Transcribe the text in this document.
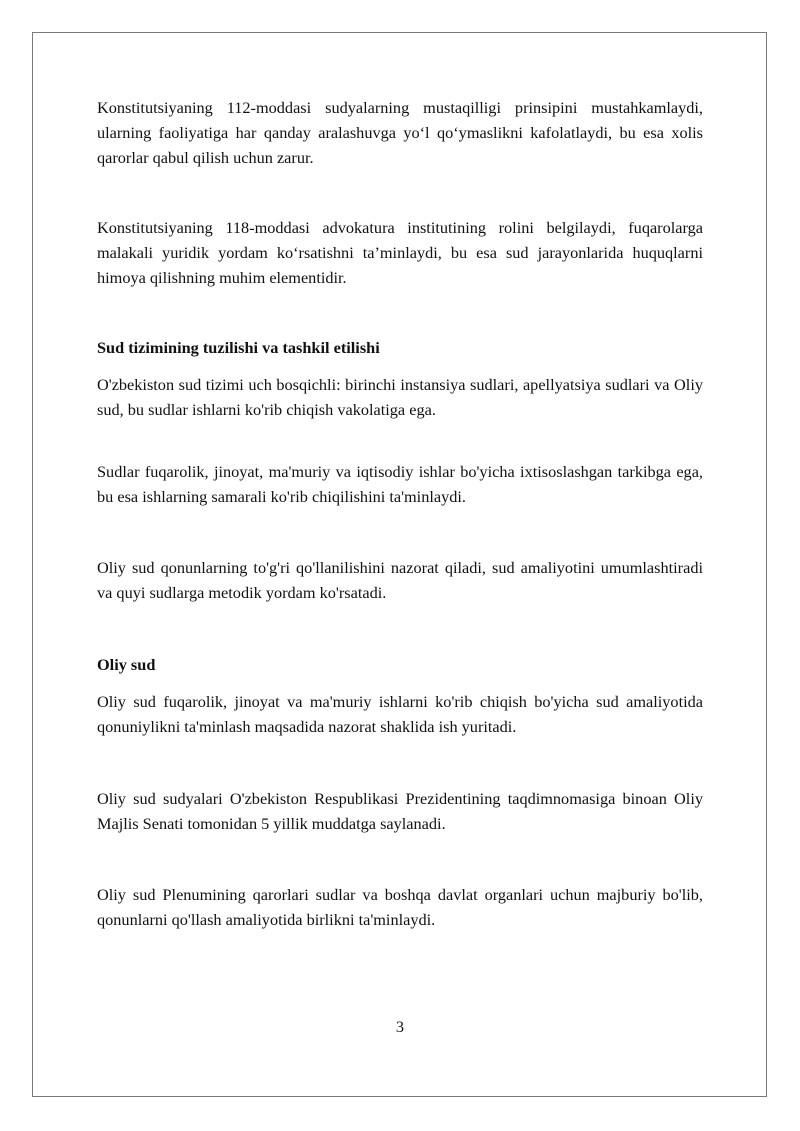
Konstitutsiyaning 112-moddasi sudyalarning mustaqilligi prinsipini mustahkamlaydi, ularning faoliyatiga har qanday aralashuvga yo‘l qo‘ymaslikni kafolatlaydi, bu esa xolis qarorlar qabul qilish uchun zarur.

Konstitutsiyaning 118-moddasi advokatura institutining rolini belgilaydi, fuqarolarga malakali yuridik yordam ko‘rsatishni ta’minlaydi, bu esa sud jarayonlarida huquqlarni himoya qilishning muhim elementidir.

Sud tizimining tuzilishi va tashkil etilishi

O'zbekiston sud tizimi uch bosqichli: birinchi instansiya sudlari, apellyatsiya sudlari va Oliy sud, bu sudlar ishlarni ko'rib chiqish vakolatiga ega.

Sudlar fuqarolik, jinoyat, ma'muriy va iqtisodiy ishlar bo'yicha ixtisoslashgan tarkibga ega, bu esa ishlarning samarali ko'rib chiqilishini ta'minlaydi.

Oliy sud qonunlarning to'g'ri qo'llanilishini nazorat qiladi, sud amaliyotini umumlashtiradi va quyi sudlarga metodik yordam ko'rsatadi.

Oliy sud

Oliy sud fuqarolik, jinoyat va ma'muriy ishlarni ko'rib chiqish bo'yicha sud amaliyotida qonuniylikni ta'minlash maqsadida nazorat shaklida ish yuritadi.

Oliy sud sudyalari O'zbekiston Respublikasi Prezidentining taqdimnomasiga binoan Oliy Majlis Senati tomonidan 5 yillik muddatga saylanadi.

Oliy sud Plenumining qarorlari sudlar va boshqa davlat organlari uchun majburiy bo'lib, qonunlarni qo'llash amaliyotida birlikni ta'minlaydi.

3
